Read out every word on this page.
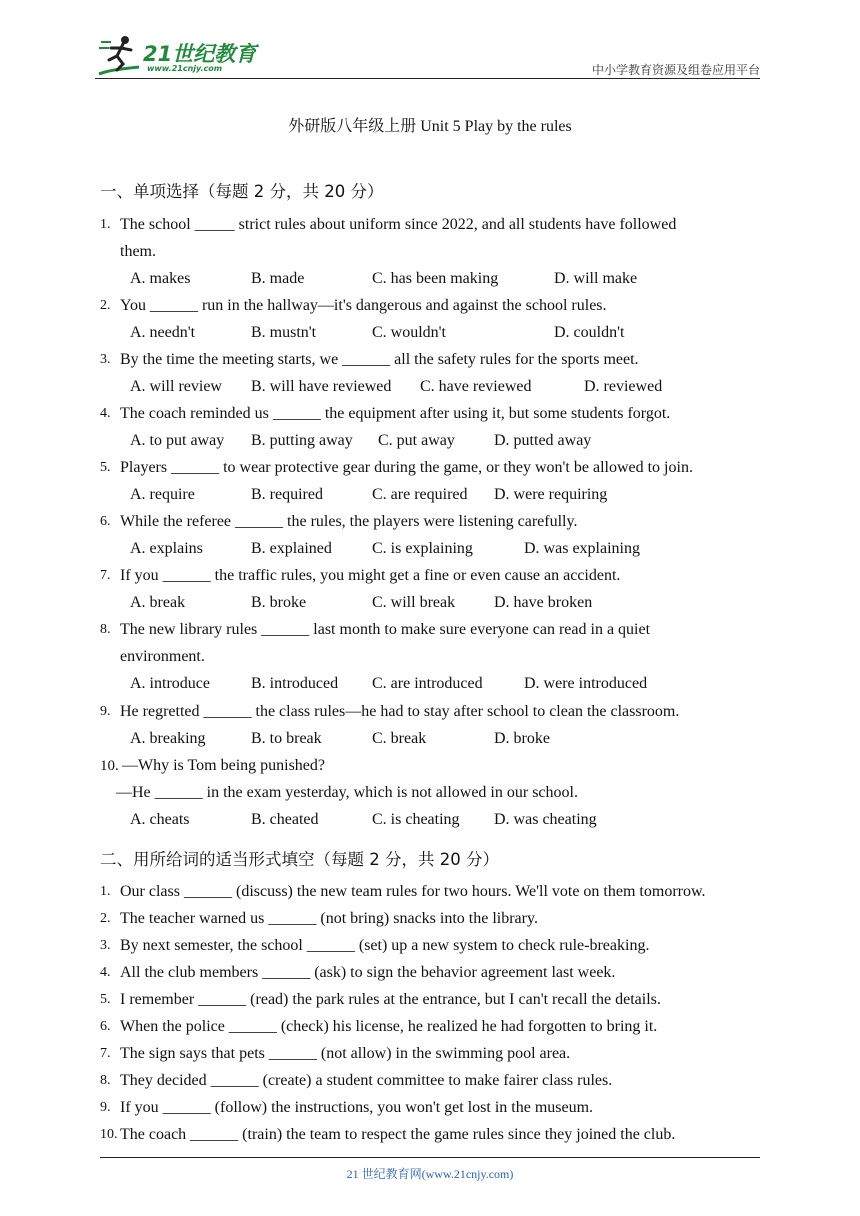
21世纪教育
www.21cnjy.com	中小学教育资源及组卷应用平台
外研版八年级上册 Unit 5 Play by the rules
一、单项选择（每题 2 分，共 20 分）
1. The school _____ strict rules about uniform since 2022, and all students have followed
them.
A. makes	B. made	C. has been making	D. will make
2. You ______ run in the hallway—it's dangerous and against the school rules.
A. needn't	B. mustn't	C. wouldn't	D. couldn't
3. By the time the meeting starts, we ______ all the safety rules for the sports meet.
A. will review B. will have reviewed C. have reviewed	D. reviewed
4. The coach reminded us ______ the equipment after using it, but some students forgot.
A. to put away B. putting away C. put away D. putted away
5. Players ______ to wear protective gear during the game, or they won't be allowed to join.
A. require	B. required	C. are required D. were requiring
6. While the referee ______ the rules, the players were listening carefully.
A. explains	B. explained	C. is explaining	D. was explaining
7. If you ______ the traffic rules, you might get a fine or even cause an accident.
A. break	B. broke	C. will break D. have broken
8. The new library rules ______ last month to make sure everyone can read in a quiet
environment.
A. introduce	B. introduced C. are introduced	D. were introduced
9. He regretted ______ the class rules—he had to stay after school to clean the classroom.
A. breaking	B. to break	C. break	D. broke
10. —Why is Tom being punished?
—He ______ in the exam yesterday, which is not allowed in our school.
A. cheats	B. cheated	C. is cheating D. was cheating
二、用所给词的适当形式填空（每题 2 分，共 20 分）
1. Our class ______ (discuss) the new team rules for two hours. We'll vote on them tomorrow.
2. The teacher warned us ______ (not bring) snacks into the library.
3. By next semester, the school ______ (set) up a new system to check rule-breaking.
4. All the club members ______ (ask) to sign the behavior agreement last week.
5. I remember ______ (read) the park rules at the entrance, but I can't recall the details.
6. When the police ______ (check) his license, he realized he had forgotten to bring it.
7. The sign says that pets ______ (not allow) in the swimming pool area.
8. They decided ______ (create) a student committee to make fairer class rules.
9. If you ______ (follow) the instructions, you won't get lost in the museum.
10. The coach ______ (train) the team to respect the game rules since they joined the club.
21 世纪教育网(www.21cnjy.com)
